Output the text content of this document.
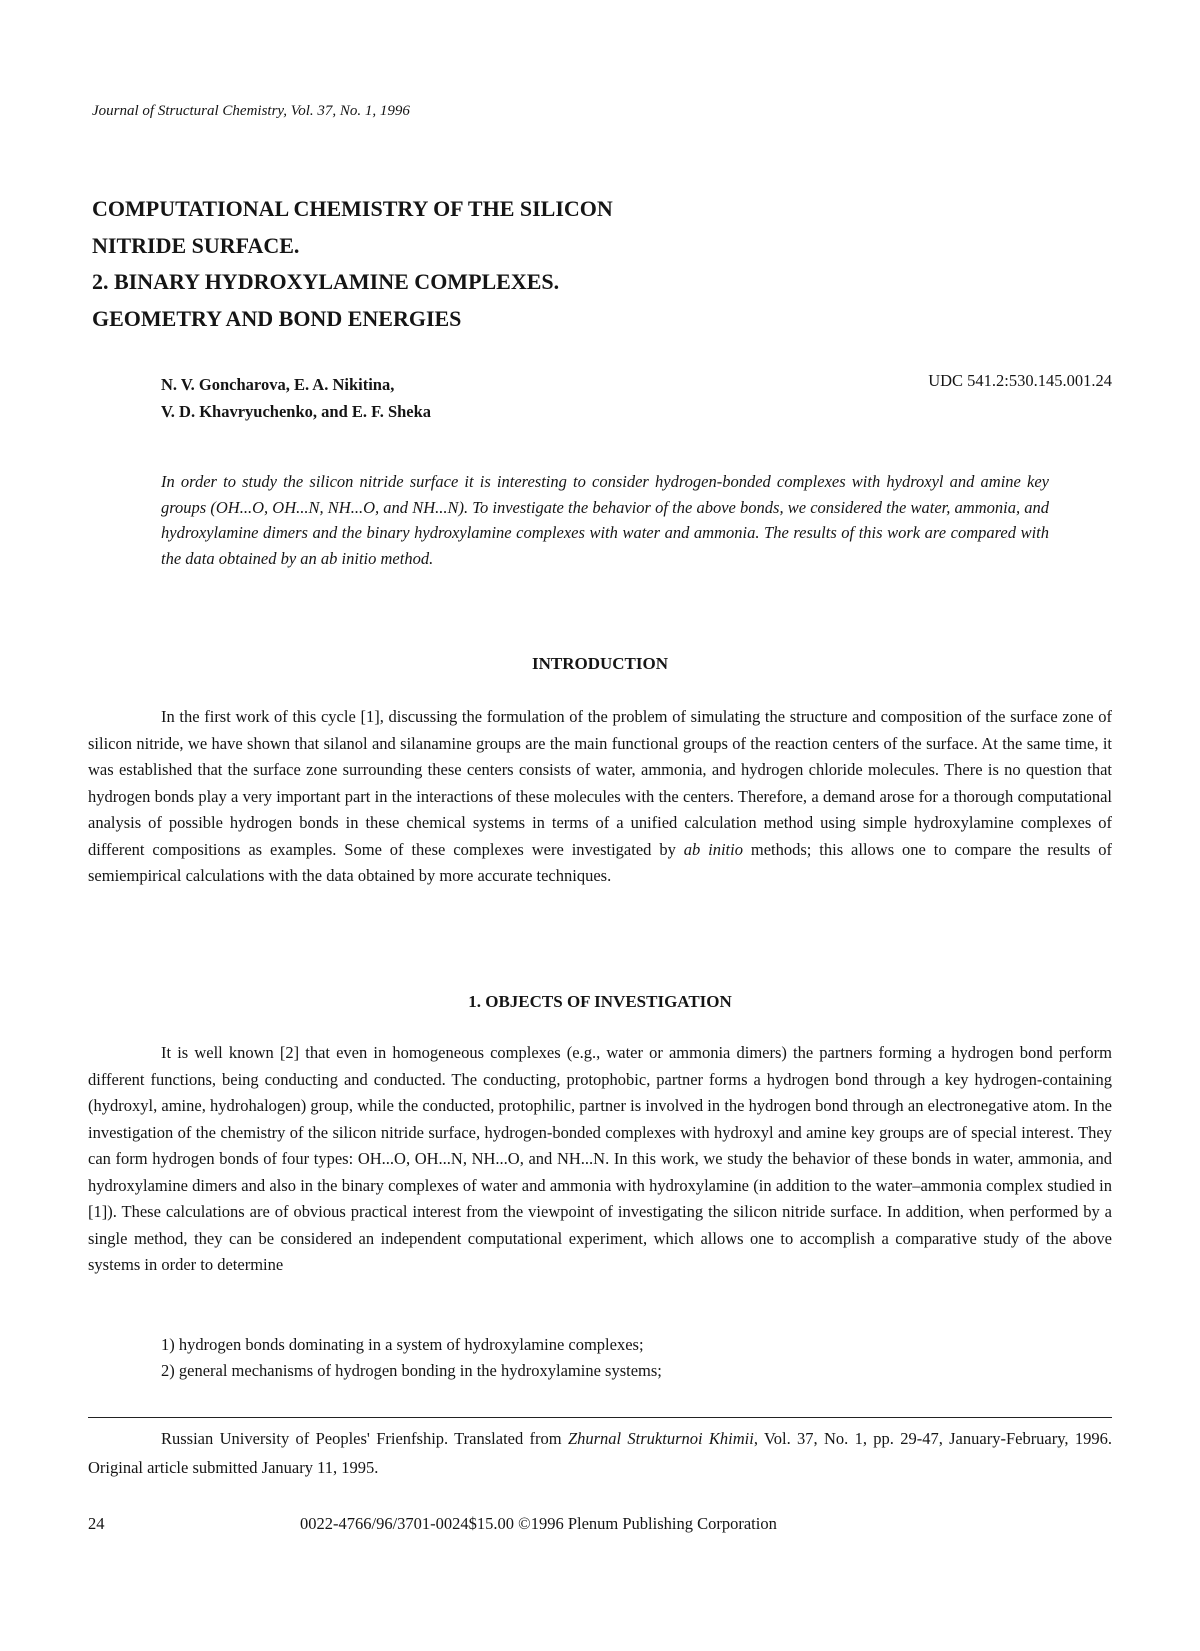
Journal of Structural Chemistry, Vol. 37, No. 1, 1996
COMPUTATIONAL CHEMISTRY OF THE SILICON
NITRIDE SURFACE.
2. BINARY HYDROXYLAMINE COMPLEXES.
GEOMETRY AND BOND ENERGIES
N. V. Goncharova, E. A. Nikitina,
V. D. Khavryuchenko, and E. F. Sheka
UDC 541.2:530.145.001.24
In order to study the silicon nitride surface it is interesting to consider hydrogen-bonded complexes with hydroxyl and amine key groups (OH...O, OH...N, NH...O, and NH...N). To investigate the behavior of the above bonds, we considered the water, ammonia, and hydroxylamine dimers and the binary hydroxylamine complexes with water and ammonia. The results of this work are compared with the data obtained by an ab initio method.
INTRODUCTION
In the first work of this cycle [1], discussing the formulation of the problem of simulating the structure and composition of the surface zone of silicon nitride, we have shown that silanol and silanamine groups are the main functional groups of the reaction centers of the surface. At the same time, it was established that the surface zone surrounding these centers consists of water, ammonia, and hydrogen chloride molecules. There is no question that hydrogen bonds play a very important part in the interactions of these molecules with the centers. Therefore, a demand arose for a thorough computational analysis of possible hydrogen bonds in these chemical systems in terms of a unified calculation method using simple hydroxylamine complexes of different compositions as examples. Some of these complexes were investigated by ab initio methods; this allows one to compare the results of semiempirical calculations with the data obtained by more accurate techniques.
1. OBJECTS OF INVESTIGATION
It is well known [2] that even in homogeneous complexes (e.g., water or ammonia dimers) the partners forming a hydrogen bond perform different functions, being conducting and conducted. The conducting, protophobic, partner forms a hydrogen bond through a key hydrogen-containing (hydroxyl, amine, hydrohalogen) group, while the conducted, protophilic, partner is involved in the hydrogen bond through an electronegative atom. In the investigation of the chemistry of the silicon nitride surface, hydrogen-bonded complexes with hydroxyl and amine key groups are of special interest. They can form hydrogen bonds of four types: OH...O, OH...N, NH...O, and NH...N. In this work, we study the behavior of these bonds in water, ammonia, and hydroxylamine dimers and also in the binary complexes of water and ammonia with hydroxylamine (in addition to the water–ammonia complex studied in [1]). These calculations are of obvious practical interest from the viewpoint of investigating the silicon nitride surface. In addition, when performed by a single method, they can be considered an independent computational experiment, which allows one to accomplish a comparative study of the above systems in order to determine
1) hydrogen bonds dominating in a system of hydroxylamine complexes;
2) general mechanisms of hydrogen bonding in the hydroxylamine systems;
Russian University of Peoples' Frienfship. Translated from Zhurnal Strukturnoi Khimii, Vol. 37, No. 1, pp. 29-47, January-February, 1996. Original article submitted January 11, 1995.
24	0022-4766/96/3701-0024$15.00 ©1996 Plenum Publishing Corporation
